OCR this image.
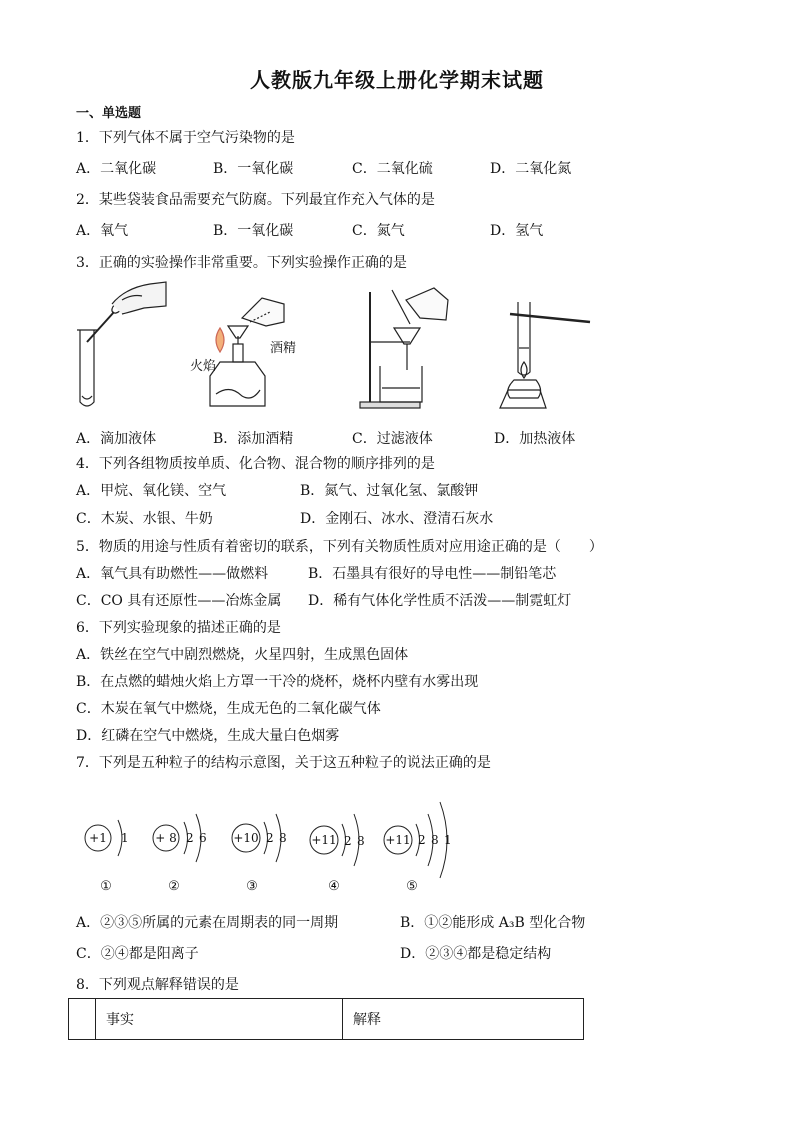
人教版九年级上册化学期末试题
一、单选题
1．下列气体不属于空气污染物的是
A．二氧化碳	B．一氧化碳	C．二氧化硫	D．二氧化氮
2．某些袋装食品需要充气防腐。下列最宜作充入气体的是
A．氧气	B．一氧化碳	C．氮气	D．氢气
3．正确的实验操作非常重要。下列实验操作正确的是
火焰
酒精
A．滴加液体	B．添加酒精	C．过滤液体	D．加热液体
4．下列各组物质按单质、化合物、混合物的顺序排列的是
A．甲烷、氧化镁、空气	B．氮气、过氧化氢、氯酸钾
C．木炭、水银、牛奶	D．金刚石、冰水、澄清石灰水
5．物质的用途与性质有着密切的联系，下列有关物质性质对应用途正确的是（　　）
A．氧气具有助燃性——做燃料	B．石墨具有很好的导电性——制铅笔芯
C．CO 具有还原性——冶炼金属 D．稀有气体化学性质不活泼——制霓虹灯
6．下列实验现象的描述正确的是
A．铁丝在空气中剧烈燃烧，火星四射，生成黑色固体
B．在点燃的蜡烛火焰上方罩一干冷的烧杯，烧杯内壁有水雾出现
C．木炭在氧气中燃烧，生成无色的二氧化碳气体
D．红磷在空气中燃烧，生成大量白色烟雾
7．下列是五种粒子的结构示意图，关于这五种粒子的说法正确的是
+1 1
①
+ 8 2 6
②
+10 2 8
③
+11 2 8
④
+11 2 8 1
⑤
A．②③⑤所属的元素在周期表的同一周期	B．①②能形成 A₃B 型化合物
C．②④都是阳离子	D．②③④都是稳定结构
8．下列观点解释错误的是
	事实	解释
